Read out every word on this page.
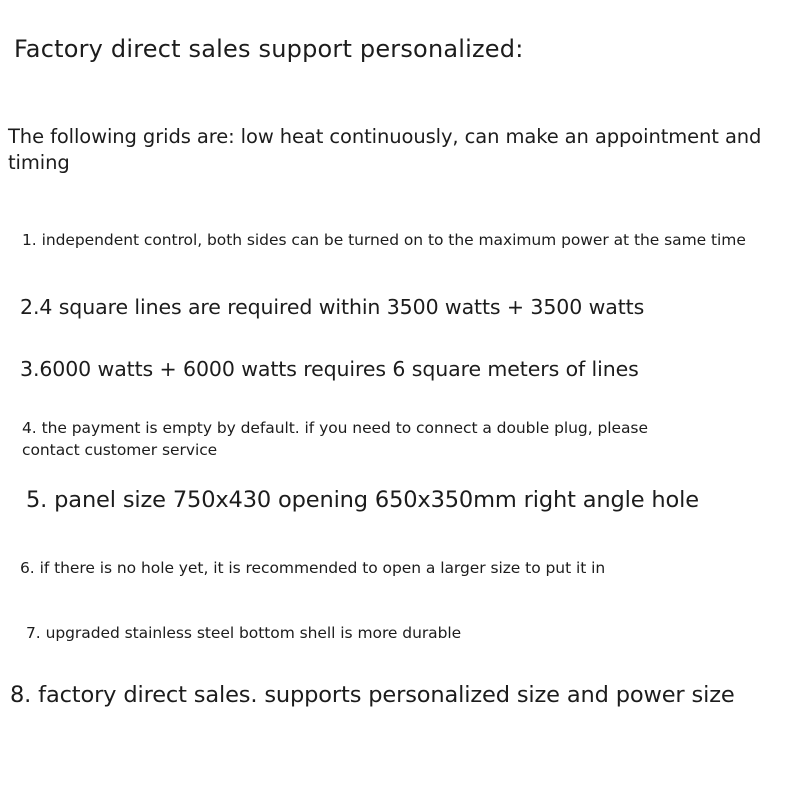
Factory direct sales support personalized:
The following grids are: low heat continuously, can make an appointment and timing
1. independent control, both sides can be turned on to the maximum power at the same time
2.4 square lines are required within 3500 watts + 3500 watts
3.6000 watts + 6000 watts requires 6 square meters of lines
4. the payment is empty by default. if you need to connect a double plug, please contact customer service
5. panel size 750x430 opening 650x350mm right angle hole
6. if there is no hole yet, it is recommended to open a larger size to put it in
7. upgraded stainless steel bottom shell is more durable
8. factory direct sales. supports personalized size and power size
